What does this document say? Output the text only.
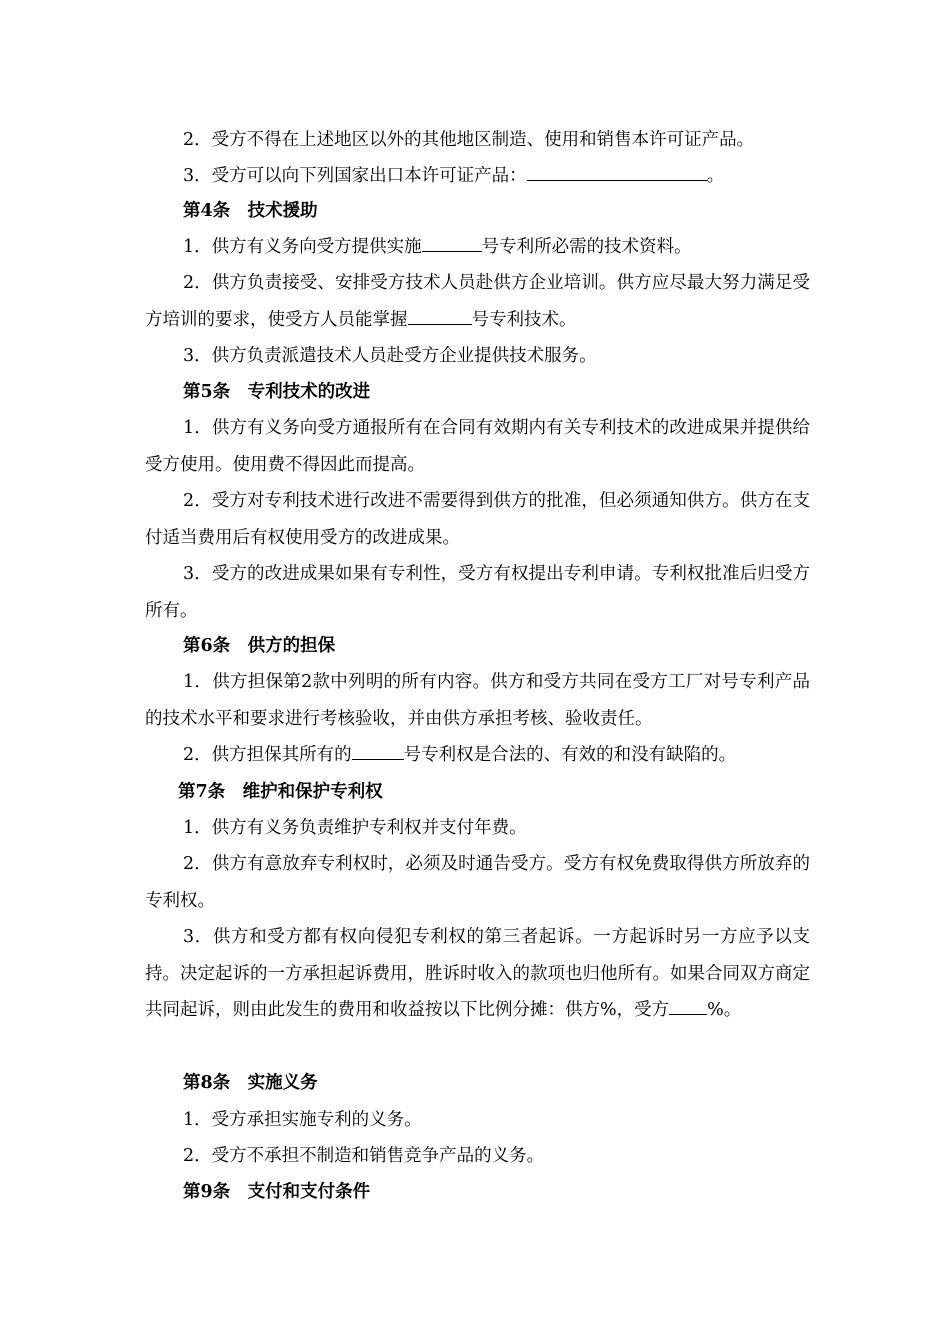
2．受方不得在上述地区以外的其他地区制造、使用和销售本许可证产品。

3．受方可以向下列国家出口本许可证产品：	。

第4条　技术援助

1．供方有义务向受方提供实施	号专利所必需的技术资料。

2．供方负责接受、安排受方技术人员赴供方企业培训。供方应尽最大努力满足受方培训的要求，使受方人员能掌握	号专利技术。

3．供方负责派遣技术人员赴受方企业提供技术服务。

第5条　专利技术的改进

1．供方有义务向受方通报所有在合同有效期内有关专利技术的改进成果并提供给受方使用。使用费不得因此而提高。

2．受方对专利技术进行改进不需要得到供方的批准，但必须通知供方。供方在支付适当费用后有权使用受方的改进成果。

3．受方的改进成果如果有专利性，受方有权提出专利申请。专利权批准后归受方所有。

第6条　供方的担保

1．供方担保第2款中列明的所有内容。供方和受方共同在受方工厂对号专利产品的技术水平和要求进行考核验收，并由供方承担考核、验收责任。

2．供方担保其所有的	号专利权是合法的、有效的和没有缺陷的。

第7条　维护和保护专利权

1．供方有义务负责维护专利权并支付年费。

2．供方有意放弃专利权时，必须及时通告受方。受方有权免费取得供方所放弃的专利权。

3．供方和受方都有权向侵犯专利权的第三者起诉。一方起诉时另一方应予以支持。决定起诉的一方承担起诉费用，胜诉时收入的款项也归他所有。如果合同双方商定共同起诉，则由此发生的费用和收益按以下比例分摊：供方%，受方 %。

第8条　实施义务

1．受方承担实施专利的义务。

2．受方不承担不制造和销售竞争产品的义务。

第9条　支付和支付条件
